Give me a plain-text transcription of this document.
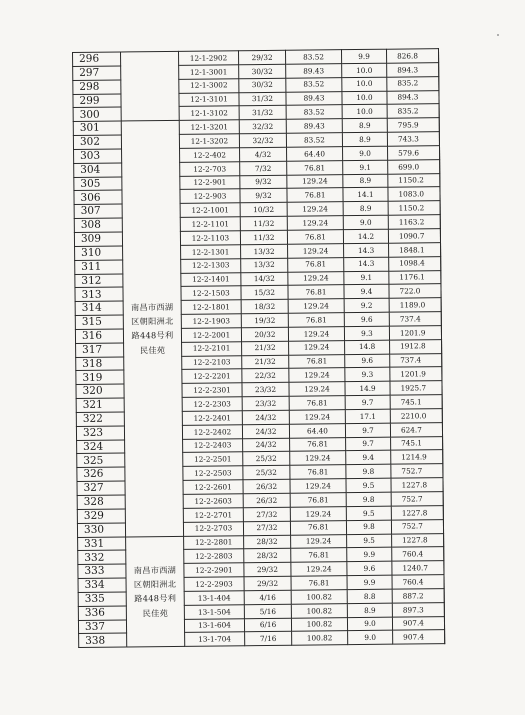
296		12-1-2902	29/32	83.52	9.9	826.8	
297		12-1-3001	30/32	89.43	10.0	894.3	
298		12-1-3002	30/32	83.52	10.0	835.2	
299		12-1-3101	31/32	89.43	10.0	894.3	
300		12-1-3102	31/32	83.52	10.0	835.2	
301	南昌市西湖区朝阳洲北路448号利民佳苑	12-1-3201	32/32	89.43	8.9	795.9	
302		12-1-3202	32/32	83.52	8.9	743.3	
303		12-2-402	4/32	64.40	9.0	579.6	
304		12-2-703	7/32	76.81	9.1	699.0	
305		12-2-901	9/32	129.24	8.9	1150.2	
306		12-2-903	9/32	76.81	14.1	1083.0	
307		12-2-1001	10/32	129.24	8.9	1150.2	
308		12-2-1101	11/32	129.24	9.0	1163.2	
309		12-2-1103	11/32	76.81	14.2	1090.7	
310		12-2-1301	13/32	129.24	14.3	1848.1	
311		12-2-1303	13/32	76.81	14.3	1098.4	
312		12-2-1401	14/32	129.24	9.1	1176.1	
313		12-2-1503	15/32	76.81	9.4	722.0	
314		12-2-1801	18/32	129.24	9.2	1189.0	
315		12-2-1903	19/32	76.81	9.6	737.4	
316		12-2-2001	20/32	129.24	9.3	1201.9	
317		12-2-2101	21/32	129.24	14.8	1912.8	
318		12-2-2103	21/32	76.81	9.6	737.4	
319		12-2-2201	22/32	129.24	9.3	1201.9	
320		12-2-2301	23/32	129.24	14.9	1925.7	
321		12-2-2303	23/32	76.81	9.7	745.1	
322		12-2-2401	24/32	129.24	17.1	2210.0	
323		12-2-2402	24/32	64.40	9.7	624.7	
324		12-2-2403	24/32	76.81	9.7	745.1	
325		12-2-2501	25/32	129.24	9.4	1214.9	
326		12-2-2503	25/32	76.81	9.8	752.7	
327		12-2-2601	26/32	129.24	9.5	1227.8	
328		12-2-2603	26/32	76.81	9.8	752.7	
329		12-2-2701	27/32	129.24	9.5	1227.8	
330		12-2-2703	27/32	76.81	9.8	752.7	
331	南昌市西湖区朝阳洲北路448号利民佳苑	12-2-2801	28/32	129.24	9.5	1227.8	
332		12-2-2803	28/32	76.81	9.9	760.4	
333		12-2-2901	29/32	129.24	9.6	1240.7	
334		12-2-2903	29/32	76.81	9.9	760.4	
335		13-1-404	4/16	100.82	8.8	887.2	
336		13-1-504	5/16	100.82	8.9	897.3	
337		13-1-604	6/16	100.82	9.0	907.4	
338		13-1-704	7/16	100.82	9.0	907.4	
